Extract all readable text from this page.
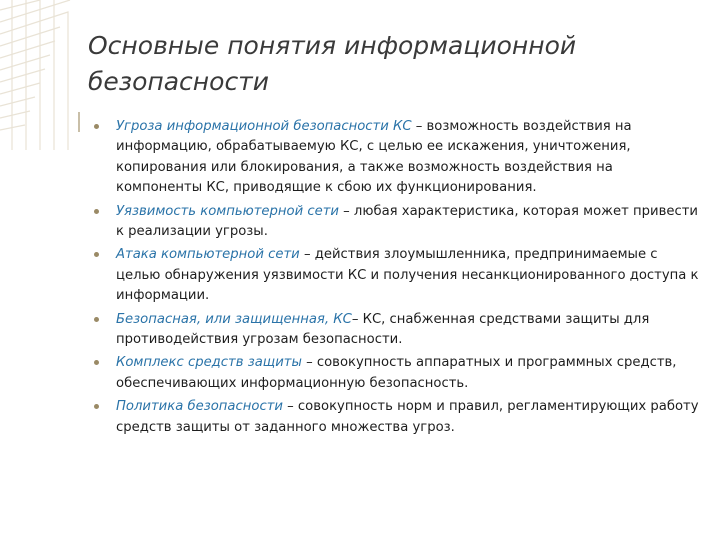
Основные понятия информационной безопасности
Угроза информационной безопасности КС – возможность воздействия на информацию, обрабатываемую КС, с целью ее искажения, уничтожения, копирования или блокирования, а также возможность воздействия на компоненты КС, приводящие к сбою их функционирования.
Уязвимость компьютерной сети – любая характеристика, которая может привести к реализации угрозы.
Атака компьютерной сети – действия злоумышленника, предпринимаемые с целью обнаружения уязвимости КС и получения несанкционированного доступа к информации.
Безопасная, или защищенная, КС– КС, снабженная средствами защиты для противодействия угрозам безопасности.
Комплекс средств защиты – совокупность аппаратных и программных средств, обеспечивающих информационную безопасность.
Политика безопасности – совокупность норм и правил, регламентирующих работу средств защиты от заданного множества угроз.
